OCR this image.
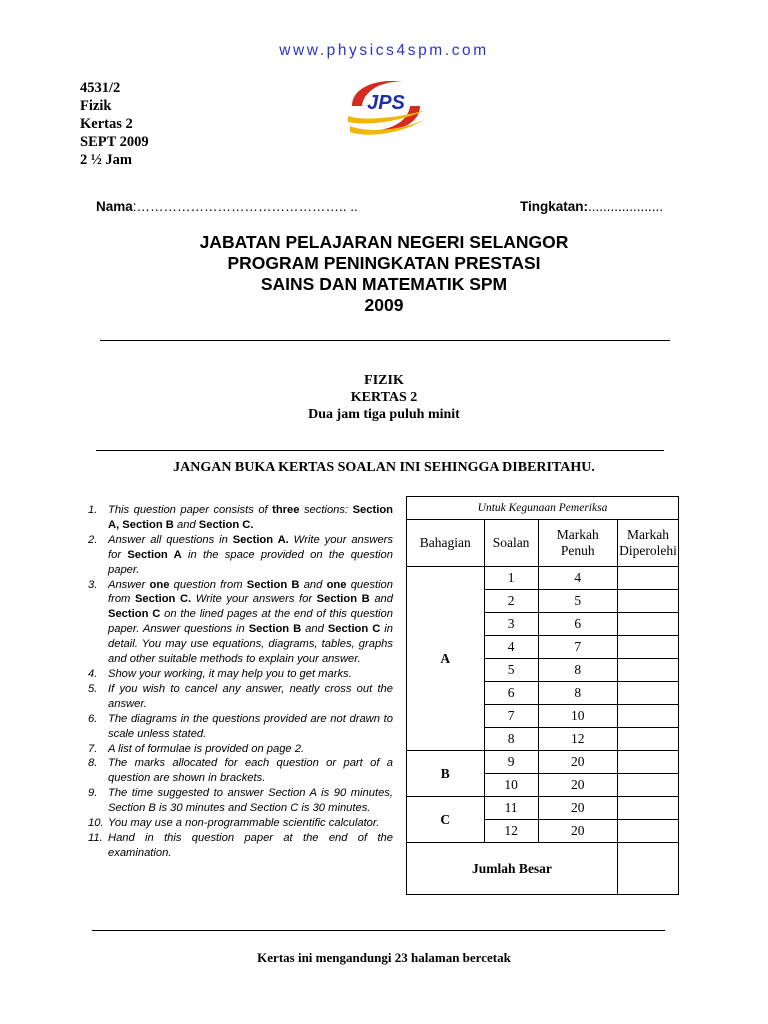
www.physics4spm.com
4531/2
Fizik
Kertas 2
SEPT 2009
2 ½ Jam
JPS
Nama:……………………………………….. ..	Tingkatan:....................
JABATAN PELAJARAN NEGERI SELANGOR
PROGRAM PENINGKATAN PRESTASI
SAINS DAN MATEMATIK SPM
2009
FIZIK
KERTAS 2
Dua jam tiga puluh minit
JANGAN BUKA KERTAS SOALAN INI SEHINGGA DIBERITAHU.
1. This question paper consists of three sections: Section A, Section B and Section C.
2. Answer all questions in Section A. Write your answers for Section A in the space provided on the question paper.
3. Answer one question from Section B and one question from Section C. Write your answers for Section B and Section C on the lined pages at the end of this question paper. Answer questions in Section B and Section C in detail. You may use equations, diagrams, tables, graphs and other suitable methods to explain your answer.
4. Show your working, it may help you to get marks.
5. If you wish to cancel any answer, neatly cross out the answer.
6. The diagrams in the questions provided are not drawn to scale unless stated.
7. A list of formulae is provided on page 2.
8. The marks allocated for each question or part of a question are shown in brackets.
9. The time suggested to answer Section A is 90 minutes, Section B is 30 minutes and Section C is 30 minutes.
10. You may use a non-programmable scientific calculator.
11. Hand in this question paper at the end of the examination.
Untuk Kegunaan Pemeriksa			
Bahagian	Soalan	Markah Penuh	Markah Diperolehi
A	1	4	
	2	5	
	3	6	
	4	7	
	5	8	
	6	8	
	7	10	
	8	12	
B	9	20	
	10	20	
C	11	20	
	12	20	
Jumlah Besar			
Kertas ini mengandungi 23 halaman bercetak
